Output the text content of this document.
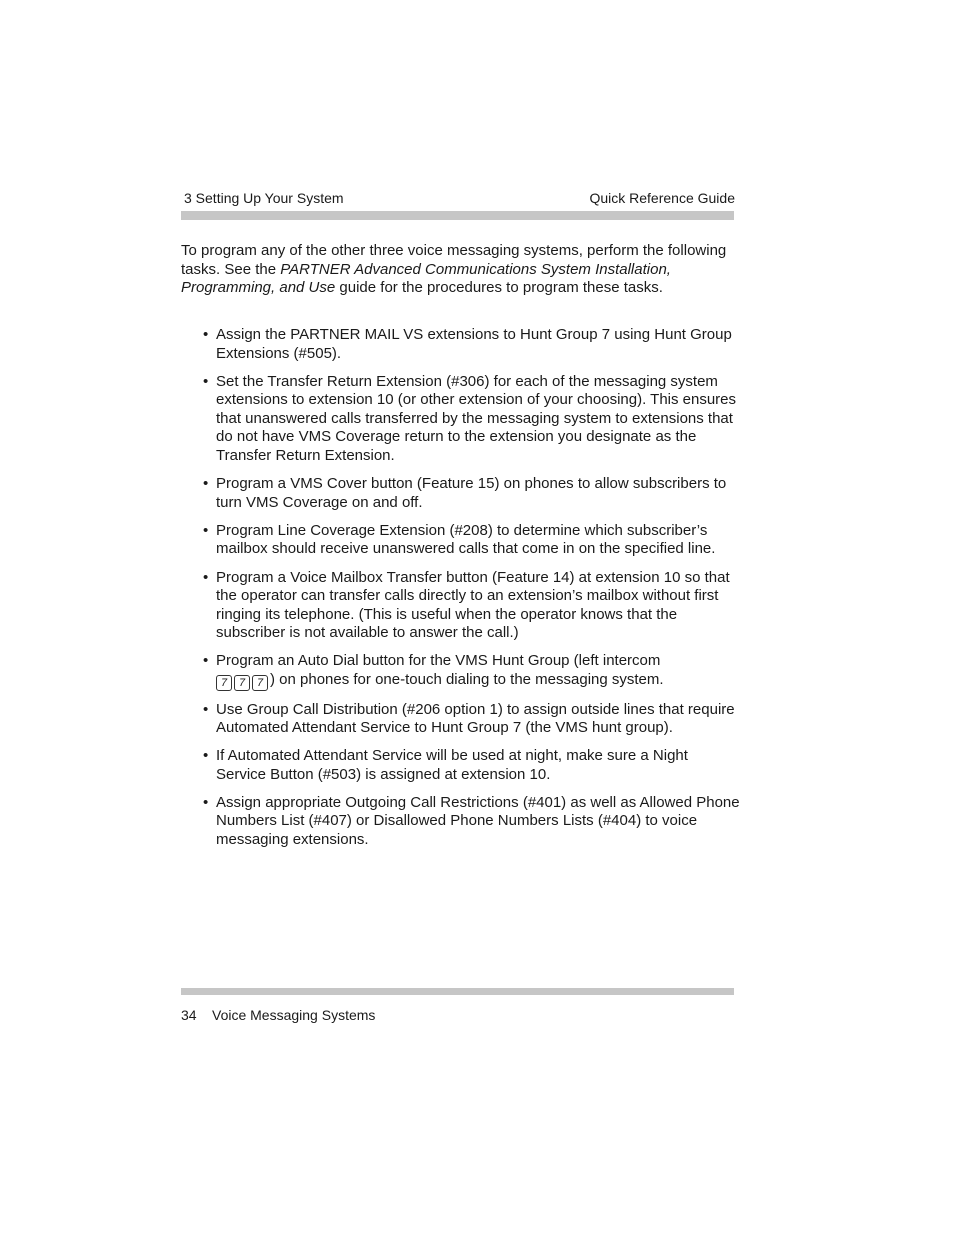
3 Setting Up Your System	Quick Reference Guide

To program any of the other three voice messaging systems, perform the following tasks. See the PARTNER Advanced Communications System Installation, Programming, and Use guide for the procedures to program these tasks.

• Assign the PARTNER MAIL VS extensions to Hunt Group 7 using Hunt Group Extensions (#505).
• Set the Transfer Return Extension (#306) for each of the messaging system extensions to extension 10 (or other extension of your choosing). This ensures that unanswered calls transferred by the messaging system to extensions that do not have VMS Coverage return to the extension you designate as the Transfer Return Extension.
• Program a VMS Cover button (Feature 15) on phones to allow subscribers to turn VMS Coverage on and off.
• Program Line Coverage Extension (#208) to determine which subscriber’s mailbox should receive unanswered calls that come in on the specified line.
• Program a Voice Mailbox Transfer button (Feature 14) at extension 10 so that the operator can transfer calls directly to an extension’s mailbox without first ringing its telephone. (This is useful when the operator knows that the subscriber is not available to answer the call.)
• Program an Auto Dial button for the VMS Hunt Group (left intercom
7 7 7 ) on phones for one-touch dialing to the messaging system.
• Use Group Call Distribution (#206 option 1) to assign outside lines that require Automated Attendant Service to Hunt Group 7 (the VMS hunt group).
• If Automated Attendant Service will be used at night, make sure a Night Service Button (#503) is assigned at extension 10.
• Assign appropriate Outgoing Call Restrictions (#401) as well as Allowed Phone Numbers List (#407) or Disallowed Phone Numbers Lists (#404) to voice messaging extensions.
34 Voice Messaging Systems
